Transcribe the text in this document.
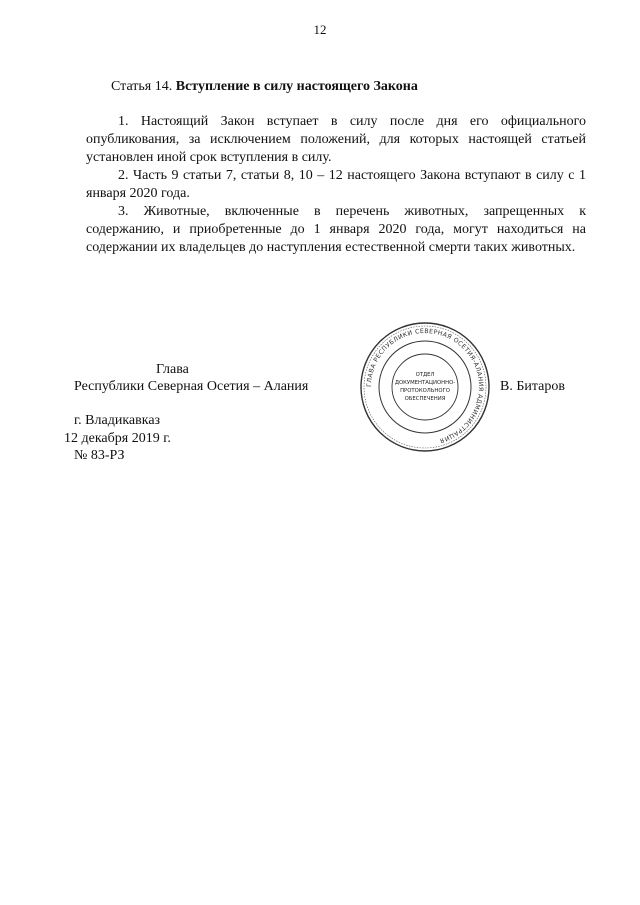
12
Статья 14. Вступление в силу настоящего Закона

1. Настоящий Закон вступает в силу после дня его официального опубликования, за исключением положений, для которых настоящей статьей установлен иной срок вступления в силу.

2. Часть 9 статьи 7, статьи 8, 10 – 12 настоящего Закона вступают в силу с 1 января 2020 года.

3. Животные, включенные в перечень животных, запрещенных к содержанию, и приобретенные до 1 января 2020 года, могут находиться на содержании их владельцев до наступления естественной смерти таких животных.

Глава
Республики Северная Осетия – Алания	В. Битаров
г. Владикавказ
12 декабря 2019 г.
№ 83-РЗ
ГЛАВА РЕСПУБЛИКИ СЕВЕРНАЯ ОСЕТИЯ-АЛАНИЯ АДМИНИСТРАЦИЯ
ОТДЕЛ
ДОКУМЕНТАЦИОННО-
ПРОТОКОЛЬНОГО
ОБЕСПЕЧЕНИЯ
